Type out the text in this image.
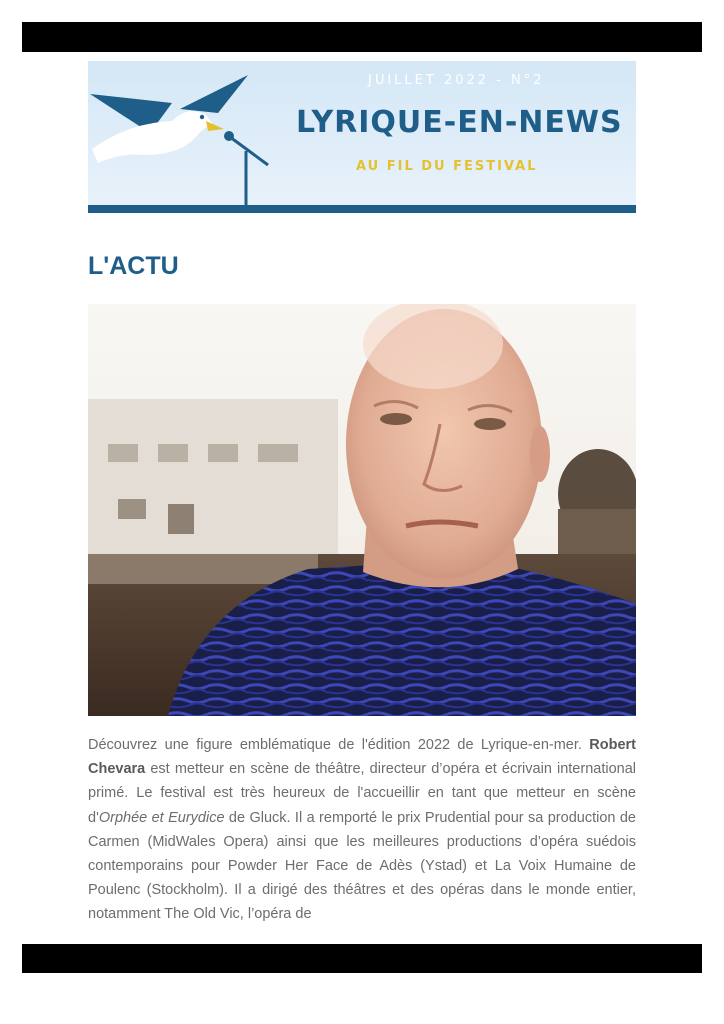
JUILLET 2022 - N°2
LYRIQUE-EN-NEWS
AU FIL DU FESTIVAL
L'ACTU
Découvrez une figure emblématique de l'édition 2022 de Lyrique-en-mer. Robert Chevara est metteur en scène de théâtre, directeur d’opéra et écrivain international primé. Le festival est très heureux de l'accueillir en tant que metteur en scène d'Orphée et Eurydice de Gluck. Il a remporté le prix Prudential pour sa production de Carmen (MidWales Opera) ainsi que les meilleures productions d’opéra suédois contemporains pour Powder Her Face de Adès (Ystad) et La Voix Humaine de Poulenc (Stockholm). Il a dirigé des théâtres et des opéras dans le monde entier, notamment The Old Vic, l’opéra de
